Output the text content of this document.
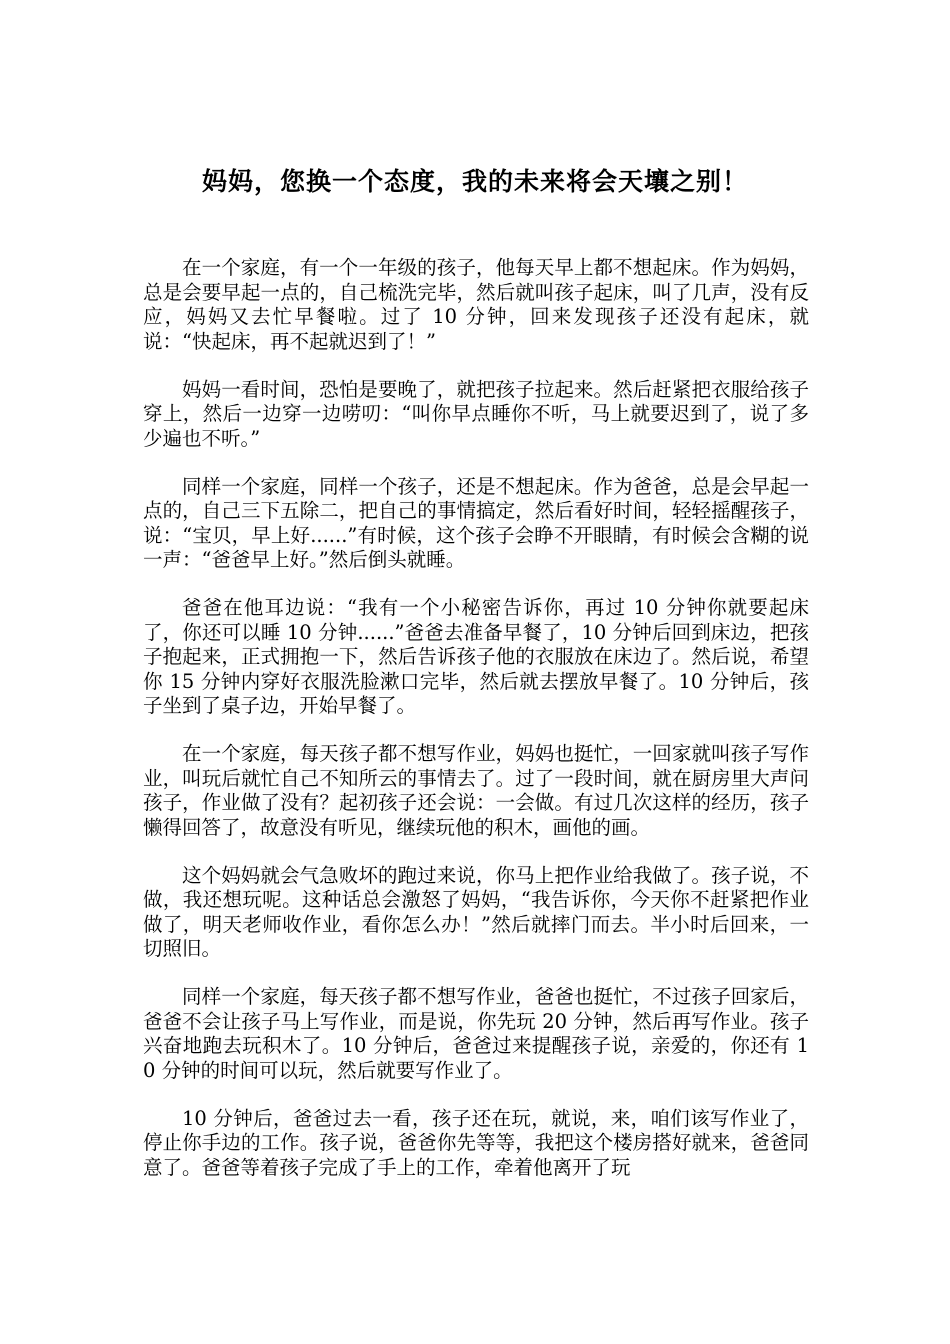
妈妈，您换一个态度，我的未来将会天壤之别！

在一个家庭，有一个一年级的孩子，他每天早上都不想起床。作为妈妈，总是会要早起一点的，自己梳洗完毕，然后就叫孩子起床，叫了几声，没有反应，妈妈又去忙早餐啦。过了 10 分钟，回来发现孩子还没有起床，就说：“快起床，再不起就迟到了！”

妈妈一看时间，恐怕是要晚了，就把孩子拉起来。然后赶紧把衣服给孩子穿上，然后一边穿一边唠叨：“叫你早点睡你不听，马上就要迟到了，说了多少遍也不听。”

同样一个家庭，同样一个孩子，还是不想起床。作为爸爸，总是会早起一点的，自己三下五除二，把自己的事情搞定，然后看好时间，轻轻摇醒孩子，说：“宝贝，早上好......”有时候，这个孩子会睁不开眼睛，有时候会含糊的说一声：“爸爸早上好。”然后倒头就睡。

爸爸在他耳边说：“我有一个小秘密告诉你，再过 10 分钟你就要起床了，你还可以睡 10 分钟......”爸爸去准备早餐了，10 分钟后回到床边，把孩子抱起来，正式拥抱一下，然后告诉孩子他的衣服放在床边了。然后说，希望你 15 分钟内穿好衣服洗脸漱口完毕，然后就去摆放早餐了。10 分钟后，孩子坐到了桌子边，开始早餐了。

在一个家庭，每天孩子都不想写作业，妈妈也挺忙，一回家就叫孩子写作业，叫玩后就忙自己不知所云的事情去了。过了一段时间，就在厨房里大声问孩子，作业做了没有？起初孩子还会说：一会做。有过几次这样的经历，孩子懒得回答了，故意没有听见，继续玩他的积木，画他的画。

这个妈妈就会气急败坏的跑过来说，你马上把作业给我做了。孩子说，不做，我还想玩呢。这种话总会激怒了妈妈，“我告诉你，今天你不赶紧把作业做了，明天老师收作业，看你怎么办！”然后就摔门而去。半小时后回来，一切照旧。

同样一个家庭，每天孩子都不想写作业，爸爸也挺忙，不过孩子回家后，爸爸不会让孩子马上写作业，而是说，你先玩 20 分钟，然后再写作业。孩子兴奋地跑去玩积木了。10 分钟后，爸爸过来提醒孩子说，亲爱的，你还有 10 分钟的时间可以玩，然后就要写作业了。

10 分钟后，爸爸过去一看，孩子还在玩，就说，来，咱们该写作业了，停止你手边的工作。孩子说，爸爸你先等等，我把这个楼房搭好就来，爸爸同意了。爸爸等着孩子完成了手上的工作，牵着他离开了玩
